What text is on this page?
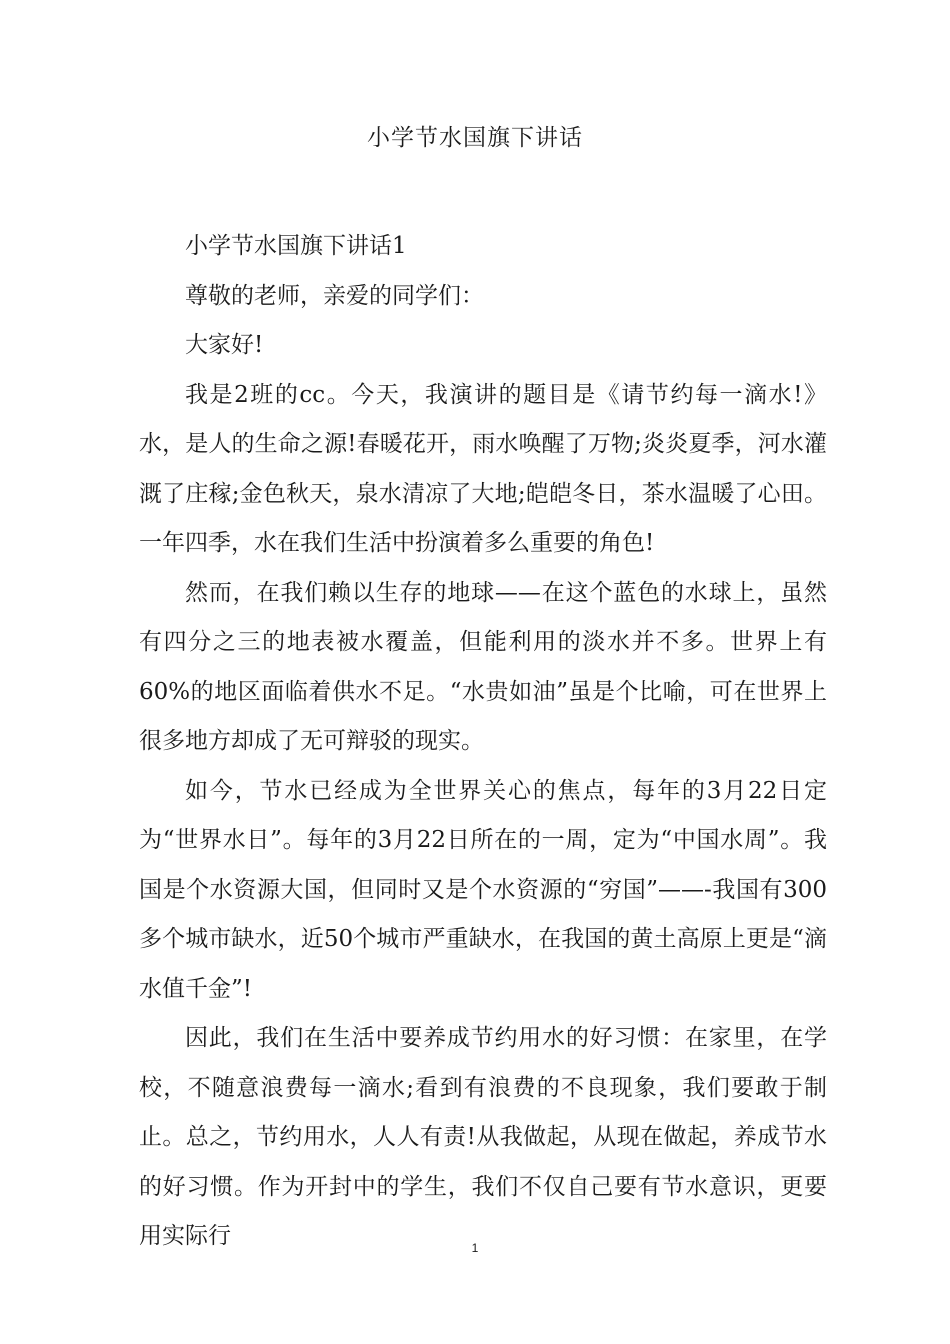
小学节水国旗下讲话

小学节水国旗下讲话1

尊敬的老师，亲爱的同学们：

大家好!

我是2班的cc。今天，我演讲的题目是《请节约每一滴水!》水，是人的生命之源!春暖花开，雨水唤醒了万物;炎炎夏季，河水灌溉了庄稼;金色秋天，泉水清凉了大地;皑皑冬日，茶水温暖了心田。一年四季，水在我们生活中扮演着多么重要的角色!

然而，在我们赖以生存的地球——在这个蓝色的水球上，虽然有四分之三的地表被水覆盖，但能利用的淡水并不多。世界上有60%的地区面临着供水不足。“水贵如油”虽是个比喻，可在世界上很多地方却成了无可辩驳的现实。

如今，节水已经成为全世界关心的焦点，每年的3月22日定为“世界水日”。每年的3月22日所在的一周，定为“中国水周”。我国是个水资源大国，但同时又是个水资源的“穷国”——-我国有300多个城市缺水，近50个城市严重缺水，在我国的黄土高原上更是“滴水值千金”!

因此，我们在生活中要养成节约用水的好习惯：在家里，在学校，不随意浪费每一滴水;看到有浪费的不良现象，我们要敢于制止。总之，节约用水，人人有责!从我做起，从现在做起，养成节水的好习惯。作为开封中的学生，我们不仅自己要有节水意识，更要用实际行	1
